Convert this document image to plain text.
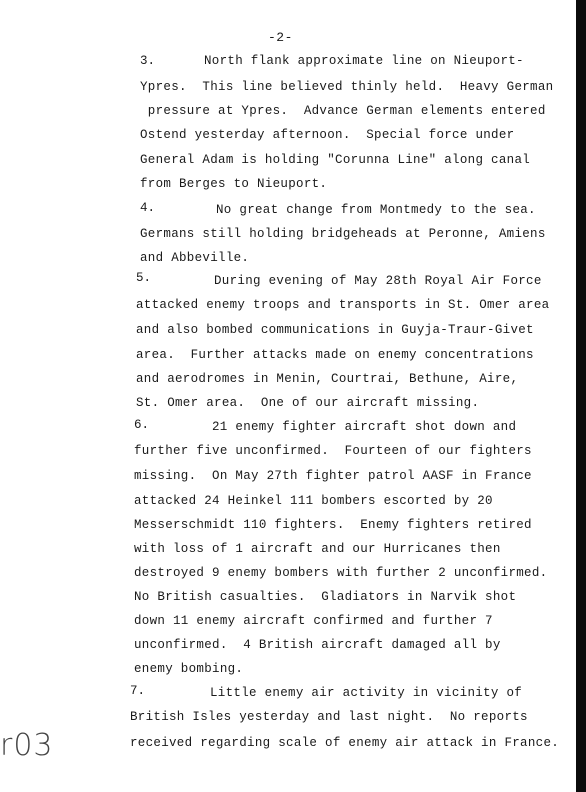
-2-
3.	North flank approximate line on Nieuport-
Ypres.  This line believed thinly held.  Heavy German
pressure at Ypres.  Advance German elements entered
Ostend yesterday afternoon.  Special force under
General Adam is holding "Corunna Line" along canal
from Berges to Nieuport.
4.	No great change from Montmedy to the sea.
Germans still holding bridgeheads at Peronne, Amiens
and Abbeville.
5.	During evening of May 28th Royal Air Force
attacked enemy troops and transports in St. Omer area
and also bombed communications in Guyja-Traur-Givet
area.  Further attacks made on enemy concentrations
and aerodromes in Menin, Courtrai, Bethune, Aire,
St. Omer area.  One of our aircraft missing.
6.	21 enemy fighter aircraft shot down and
further five unconfirmed.  Fourteen of our fighters
missing.  On May 27th fighter patrol AASF in France
attacked 24 Heinkel 111 bombers escorted by 20
Messerschmidt 110 fighters.  Enemy fighters retired
with loss of 1 aircraft and our Hurricanes then
destroyed 9 enemy bombers with further 2 unconfirmed.
No British casualties.  Gladiators in Narvik shot
down 11 enemy aircraft confirmed and further 7
unconfirmed.  4 British aircraft damaged all by
enemy bombing.
7.	Little enemy air activity in vicinity of
British Isles yesterday and last night.  No reports
received regarding scale of enemy air attack in France.
r03
